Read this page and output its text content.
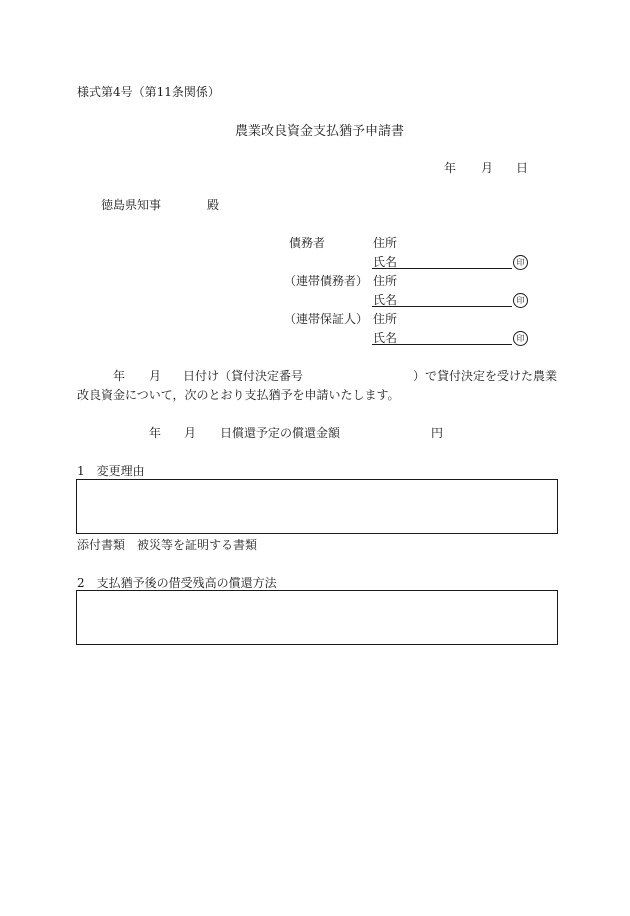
様式第4号（第11条関係）
農業改良資金支払猶予申請書
年 月 日
徳島県知事	殿
債務者	住所
氏名	印
（連帯債務者） 住所
氏名	印
（連帯保証人） 住所
氏名	印
年 月 日付け（貸付決定番号	）で貸付決定を受けた農業
改良資金について，次のとおり支払猶予を申請いたします。
年 月 日償還予定の償還金額	円
1　変更理由
添付書類　被災等を証明する書類
2　支払猶予後の借受残高の償還方法
